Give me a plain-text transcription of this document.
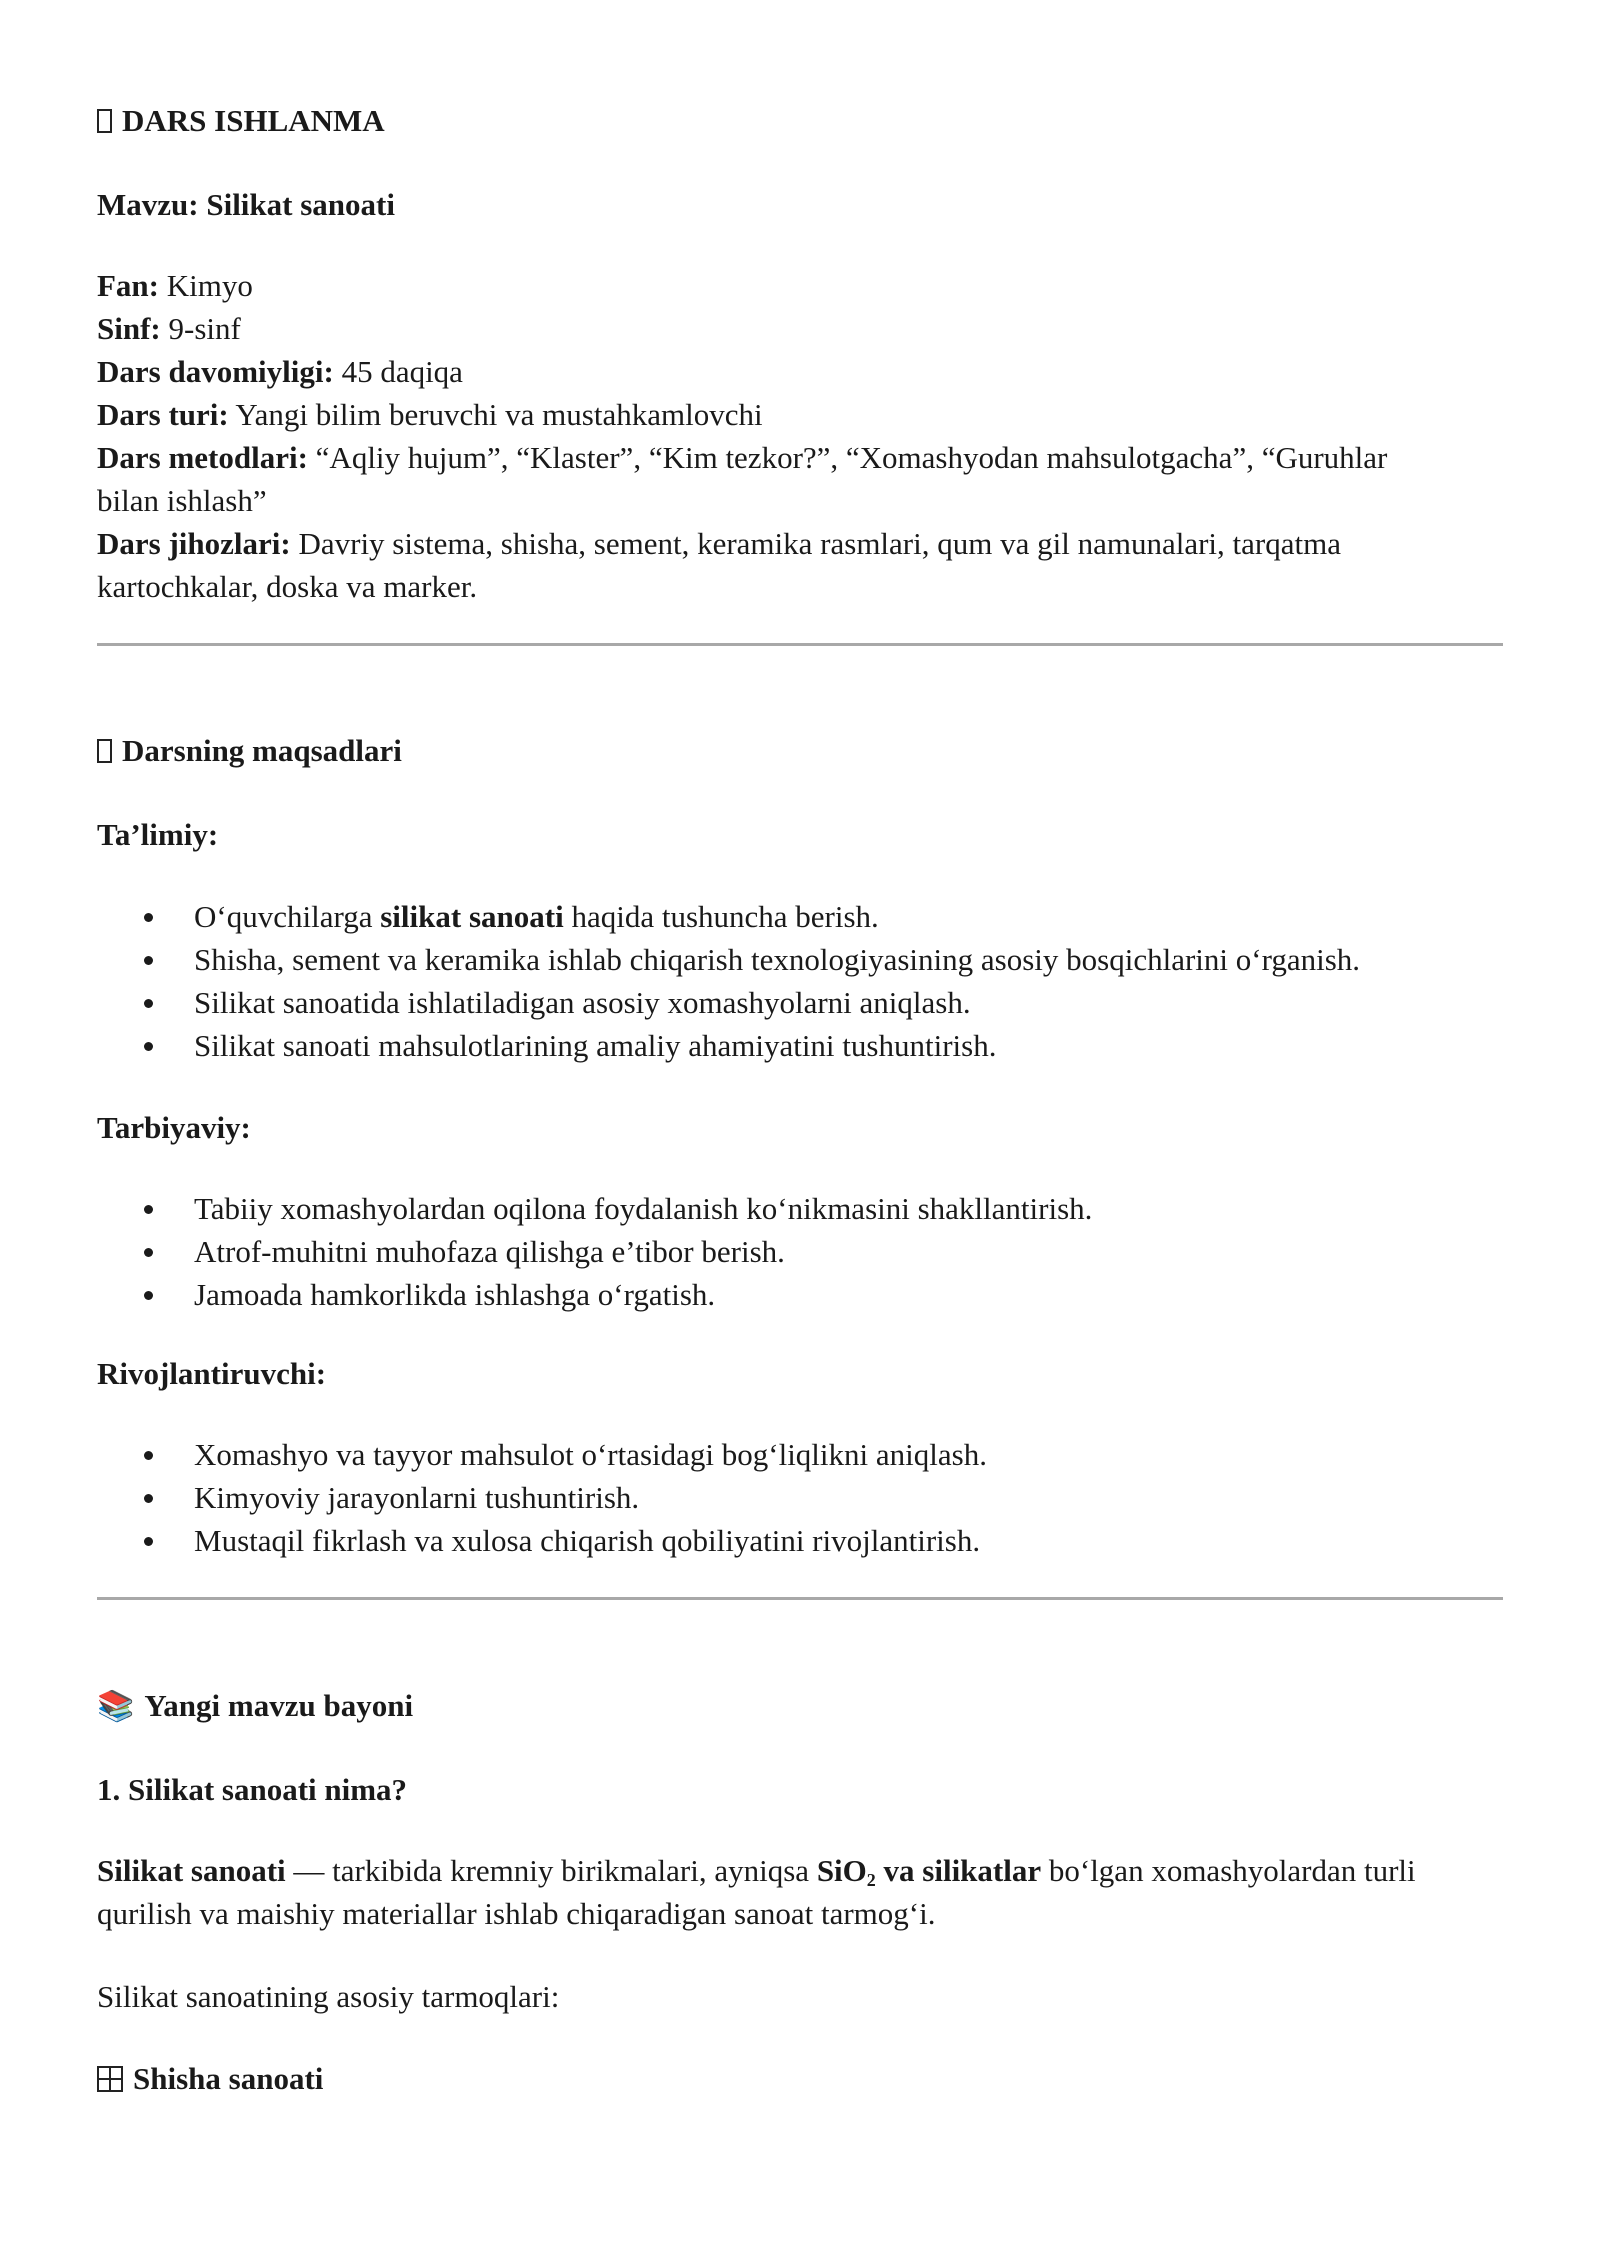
DARS ISHLANMA
Mavzu: Silikat sanoati
Fan: Kimyo
Sinf: 9-sinf
Dars davomiyligi: 45 daqiqa
Dars turi: Yangi bilim beruvchi va mustahkamlovchi
Dars metodlari: “Aqliy hujum”, “Klaster”, “Kim tezkor?”, “Xomashyodan mahsulotgacha”, “Guruhlar
bilan ishlash”
Dars jihozlari: Davriy sistema, shisha, sement, keramika rasmlari, qum va gil namunalari, tarqatma
kartochkalar, doska va marker.
Darsning maqsadlari
Ta’limiy:
O‘quvchilarga silikat sanoati haqida tushuncha berish.
Shisha, sement va keramika ishlab chiqarish texnologiyasining asosiy bosqichlarini o‘rganish.
Silikat sanoatida ishlatiladigan asosiy xomashyolarni aniqlash.
Silikat sanoati mahsulotlarining amaliy ahamiyatini tushuntirish.
Tarbiyaviy:
Tabiiy xomashyolardan oqilona foydalanish ko‘nikmasini shakllantirish.
Atrof-muhitni muhofaza qilishga e’tibor berish.
Jamoada hamkorlikda ishlashga o‘rgatish.
Rivojlantiruvchi:
Xomashyo va tayyor mahsulot o‘rtasidagi bog‘liqlikni aniqlash.
Kimyoviy jarayonlarni tushuntirish.
Mustaqil fikrlash va xulosa chiqarish qobiliyatini rivojlantirish.
📚 Yangi mavzu bayoni
1. Silikat sanoati nima?
Silikat sanoati — tarkibida kremniy birikmalari, ayniqsa SiO$_2$ va silikatlar bo‘lgan xomashyolardan turli
qurilish va maishiy materiallar ishlab chiqaradigan sanoat tarmog‘i.
Silikat sanoatining asosiy tarmoqlari:
Shisha sanoati
